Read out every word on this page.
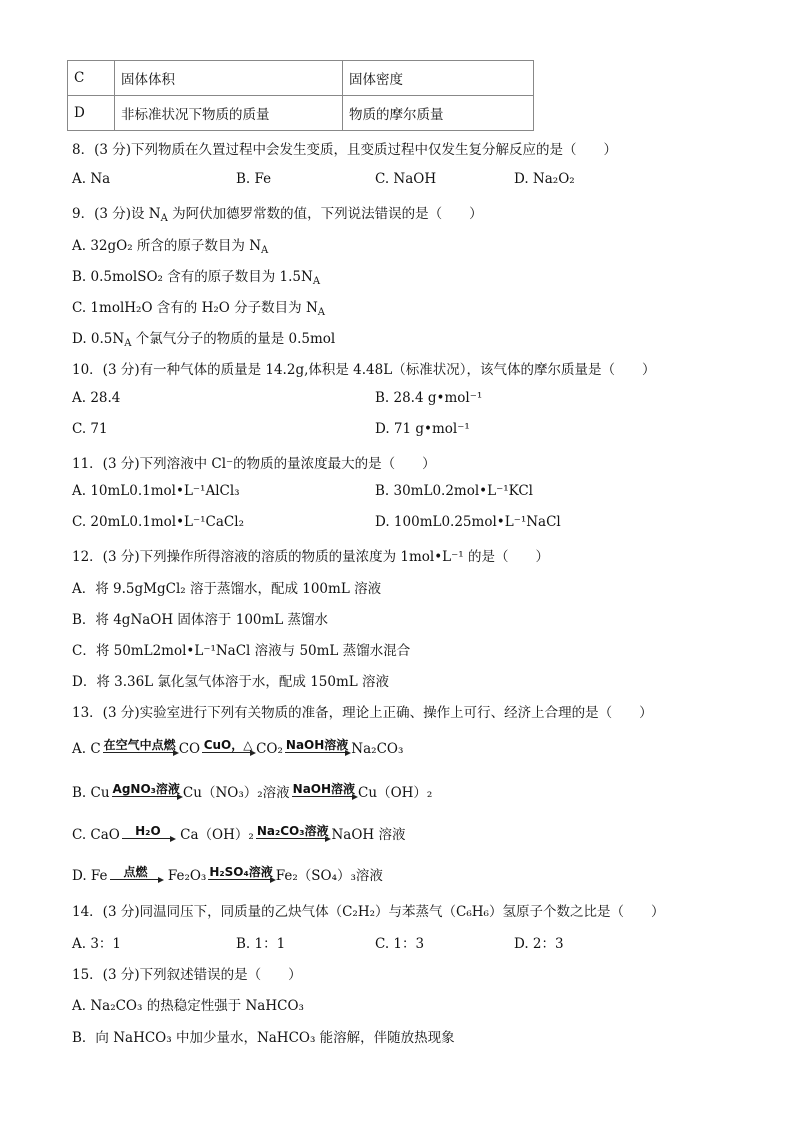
C	固体体积	固体密度
D	非标准状况下物质的质量	物质的摩尔质量
8．(3 分)下列物质在久置过程中会发生变质，且变质过程中仅发生复分解反应的是（　　）
A. Na	B. Fe	C. NaOH	D. Na₂O₂
9．(3 分)设 $N_A$ 为阿伏加德罗常数的值，下列说法错误的是（　　）
A. 32gO₂ 所含的原子数目为 $N_A$
B. 0.5molSO₂ 含有的原子数目为 $1.5N_A$
C. 1molH₂O 含有的 H₂O 分子数目为 $N_A$
D. $0.5N_A$ 个氯气分子的物质的量是 0.5mol
10．(3 分)有一种气体的质量是 14.2g,体积是 4.48L（标准状况），该气体的摩尔质量是（　　）
A. 28.4	B. 28.4 g•mol⁻¹
C. 71	D. 71 g•mol⁻¹
11．(3 分)下列溶液中 Cl⁻的物质的量浓度最大的是（　　）
A. 10mL0.1mol•L⁻¹AlCl₃	B. 30mL0.2mol•L⁻¹KCl
C. 20mL0.1mol•L⁻¹CaCl₂	D. 100mL0.25mol•L⁻¹NaCl
12．(3 分)下列操作所得溶液的溶质的物质的量浓度为 1mol•L⁻¹ 的是（　　）
A．将 9.5gMgCl₂ 溶于蒸馏水，配成 100mL 溶液
B．将 4gNaOH 固体溶于 100mL 蒸馏水
C．将 50mL2mol•L⁻¹NaCl 溶液与 50mL 蒸馏水混合
D．将 3.36L 氯化氢气体溶于水，配成 150mL 溶液
13．(3 分)实验室进行下列有关物质的准备，理论上正确、操作上可行、经济上合理的是（　　）
A. C 在空气中点燃 CO CuO，△ CO₂ NaOH溶液 Na₂CO₃
B. Cu AgNO₃溶液 Cu（NO₃）₂溶液 NaOH溶液 Cu（OH）₂
C. CaO H₂O Ca（OH）₂ Na₂CO₃溶液 NaOH 溶液
D. Fe 点燃 Fe₂O₃ H₂SO₄溶液 Fe₂（SO₄）₃溶液
14．(3 分)同温同压下，同质量的乙炔气体（C₂H₂）与苯蒸气（C₆H₆）氢原子个数之比是（　　）
A. 3：1	B. 1：1	C. 1：3	D. 2：3
15．(3 分)下列叙述错误的是（　　）
A. Na₂CO₃ 的热稳定性强于 NaHCO₃
B．向 NaHCO₃ 中加少量水，NaHCO₃ 能溶解，伴随放热现象
